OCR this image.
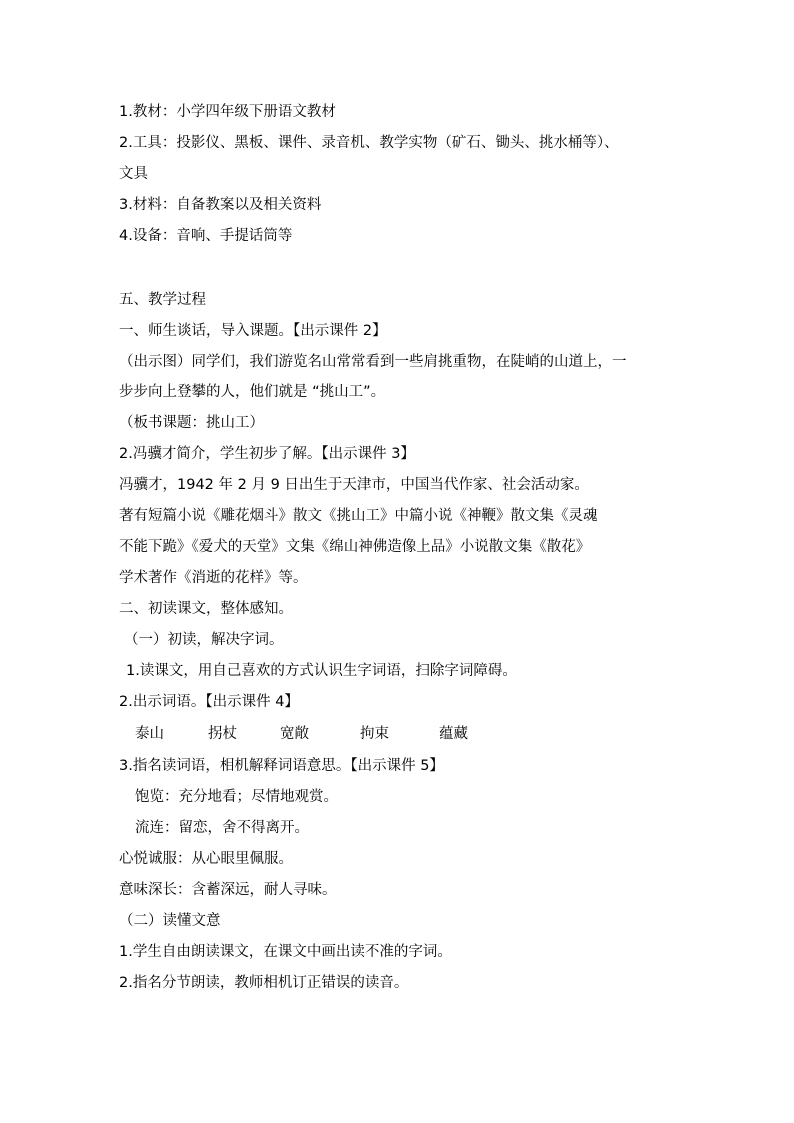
1.教材：小学四年级下册语文教材
2.工具：投影仪、黑板、课件、录音机、教学实物（矿石、锄头、挑水桶等）、
文具
3.材料：自备教案以及相关资料
4.设备：音响、手提话筒等
五、教学过程
一、师生谈话，导入课题。【出示课件 2】
（出示图）同学们，我们游览名山常常看到一些肩挑重物，在陡峭的山道上，一
步步向上登攀的人，他们就是 “挑山工”。
（板书课题：挑山工）
2.冯骥才简介，学生初步了解。【出示课件 3】
冯骥才，1942 年 2 月 9 日出生于天津市，中国当代作家、社会活动家。
著有短篇小说《雕花烟斗》散文《挑山工》中篇小说《神鞭》散文集《灵魂
不能下跪》《爱犬的天堂》文集《绵山神佛造像上品》小说散文集《散花》
学术著作《消逝的花样》等。
二、初读课文，整体感知。
（一）初读，解决字词。
1.读课文，用自己喜欢的方式认识生字词语，扫除字词障碍。
2.出示词语。【出示课件 4】
泰山	拐杖	宽敞	拘束	蕴藏
3.指名读词语，相机解释词语意思。【出示课件 5】
饱览：充分地看；尽情地观赏。
流连：留恋，舍不得离开。
心悦诚服：从心眼里佩服。
意味深长：含蓄深远，耐人寻味。
（二）读懂文意
1.学生自由朗读课文，在课文中画出读不准的字词。
2.指名分节朗读，教师相机订正错误的读音。
